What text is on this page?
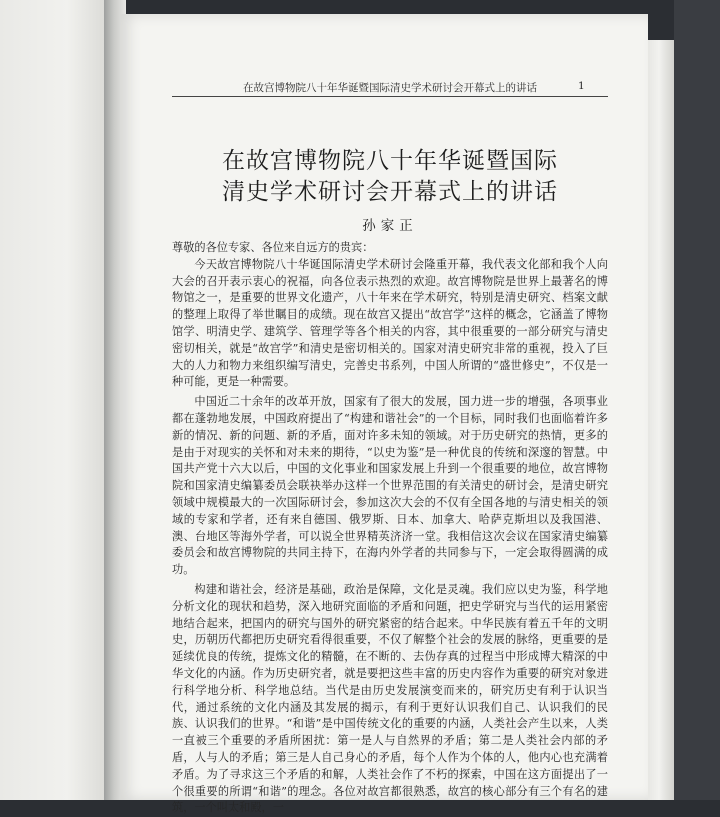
在故宫博物院八十年华诞暨国际清史学术研讨会开幕式上的讲话	1
在故宫博物院八十年华诞暨国际
清史学术研讨会开幕式上的讲话
孙家正

尊敬的各位专家、各位来自远方的贵宾：

今天故宫博物院八十华诞国际清史学术研讨会隆重开幕，我代表文化部和我个人向大会的召开表示衷心的祝福，向各位表示热烈的欢迎。故宫博物院是世界上最著名的博物馆之一，是重要的世界文化遗产，八十年来在学术研究，特别是清史研究、档案文献的整理上取得了举世瞩目的成绩。现在故宫又提出“故宫学”这样的概念，它涵盖了博物馆学、明清史学、建筑学、管理学等各个相关的内容，其中很重要的一部分研究与清史密切相关，就是“故宫学”和清史是密切相关的。国家对清史研究非常的重视，投入了巨大的人力和物力来组织编写清史，完善史书系列，中国人所谓的“盛世修史”，不仅是一种可能，更是一种需要。

中国近二十余年的改革开放，国家有了很大的发展，国力进一步的增强，各项事业都在蓬勃地发展，中国政府提出了“构建和谐社会”的一个目标，同时我们也面临着许多新的情况、新的问题、新的矛盾，面对许多未知的领域。对于历史研究的热情，更多的是由于对现实的关怀和对未来的期待，“以史为鉴”是一种优良的传统和深邃的智慧。中国共产党十六大以后，中国的文化事业和国家发展上升到一个很重要的地位，故宫博物院和国家清史编纂委员会联袂举办这样一个世界范围的有关清史的研讨会，是清史研究领域中规模最大的一次国际研讨会，参加这次大会的不仅有全国各地的与清史相关的领域的专家和学者，还有来自德国、俄罗斯、日本、加拿大、哈萨克斯坦以及我国港、澳、台地区等海外学者，可以说全世界精英济济一堂。我相信这次会议在国家清史编纂委员会和故宫博物院的共同主持下，在海内外学者的共同参与下，一定会取得圆满的成功。

构建和谐社会，经济是基础，政治是保障，文化是灵魂。我们应以史为鉴，科学地分析文化的现状和趋势，深入地研究面临的矛盾和问题，把史学研究与当代的运用紧密地结合起来，把国内的研究与国外的研究紧密的结合起来。中华民族有着五千年的文明史，历朝历代都把历史研究看得很重要，不仅了解整个社会的发展的脉络，更重要的是延续优良的传统，提炼文化的精髓，在不断的、去伪存真的过程当中形成博大精深的中华文化的内涵。作为历史研究者，就是要把这些丰富的历史内容作为重要的研究对象进行科学地分析、科学地总结。当代是由历史发展演变而来的，研究历史有利于认识当代，通过系统的文化内涵及其发展的揭示，有利于更好认识我们自己、认识我们的民族、认识我们的世界。“和谐”是中国传统文化的重要的内涵，人类社会产生以来，人类一直被三个重要的矛盾所困扰：第一是人与自然界的矛盾；第二是人类社会内部的矛盾，人与人的矛盾；第三是人自己身心的矛盾，每个人作为个体的人，他内心也充满着矛盾。为了寻求这三个矛盾的和解，人类社会作了不朽的探索，中国在这方面提出了一个很重要的所谓“和谐”的理念。各位对故宫都很熟悉，故宫的核心部分有三个有名的建筑，一个叫太和殿，一
